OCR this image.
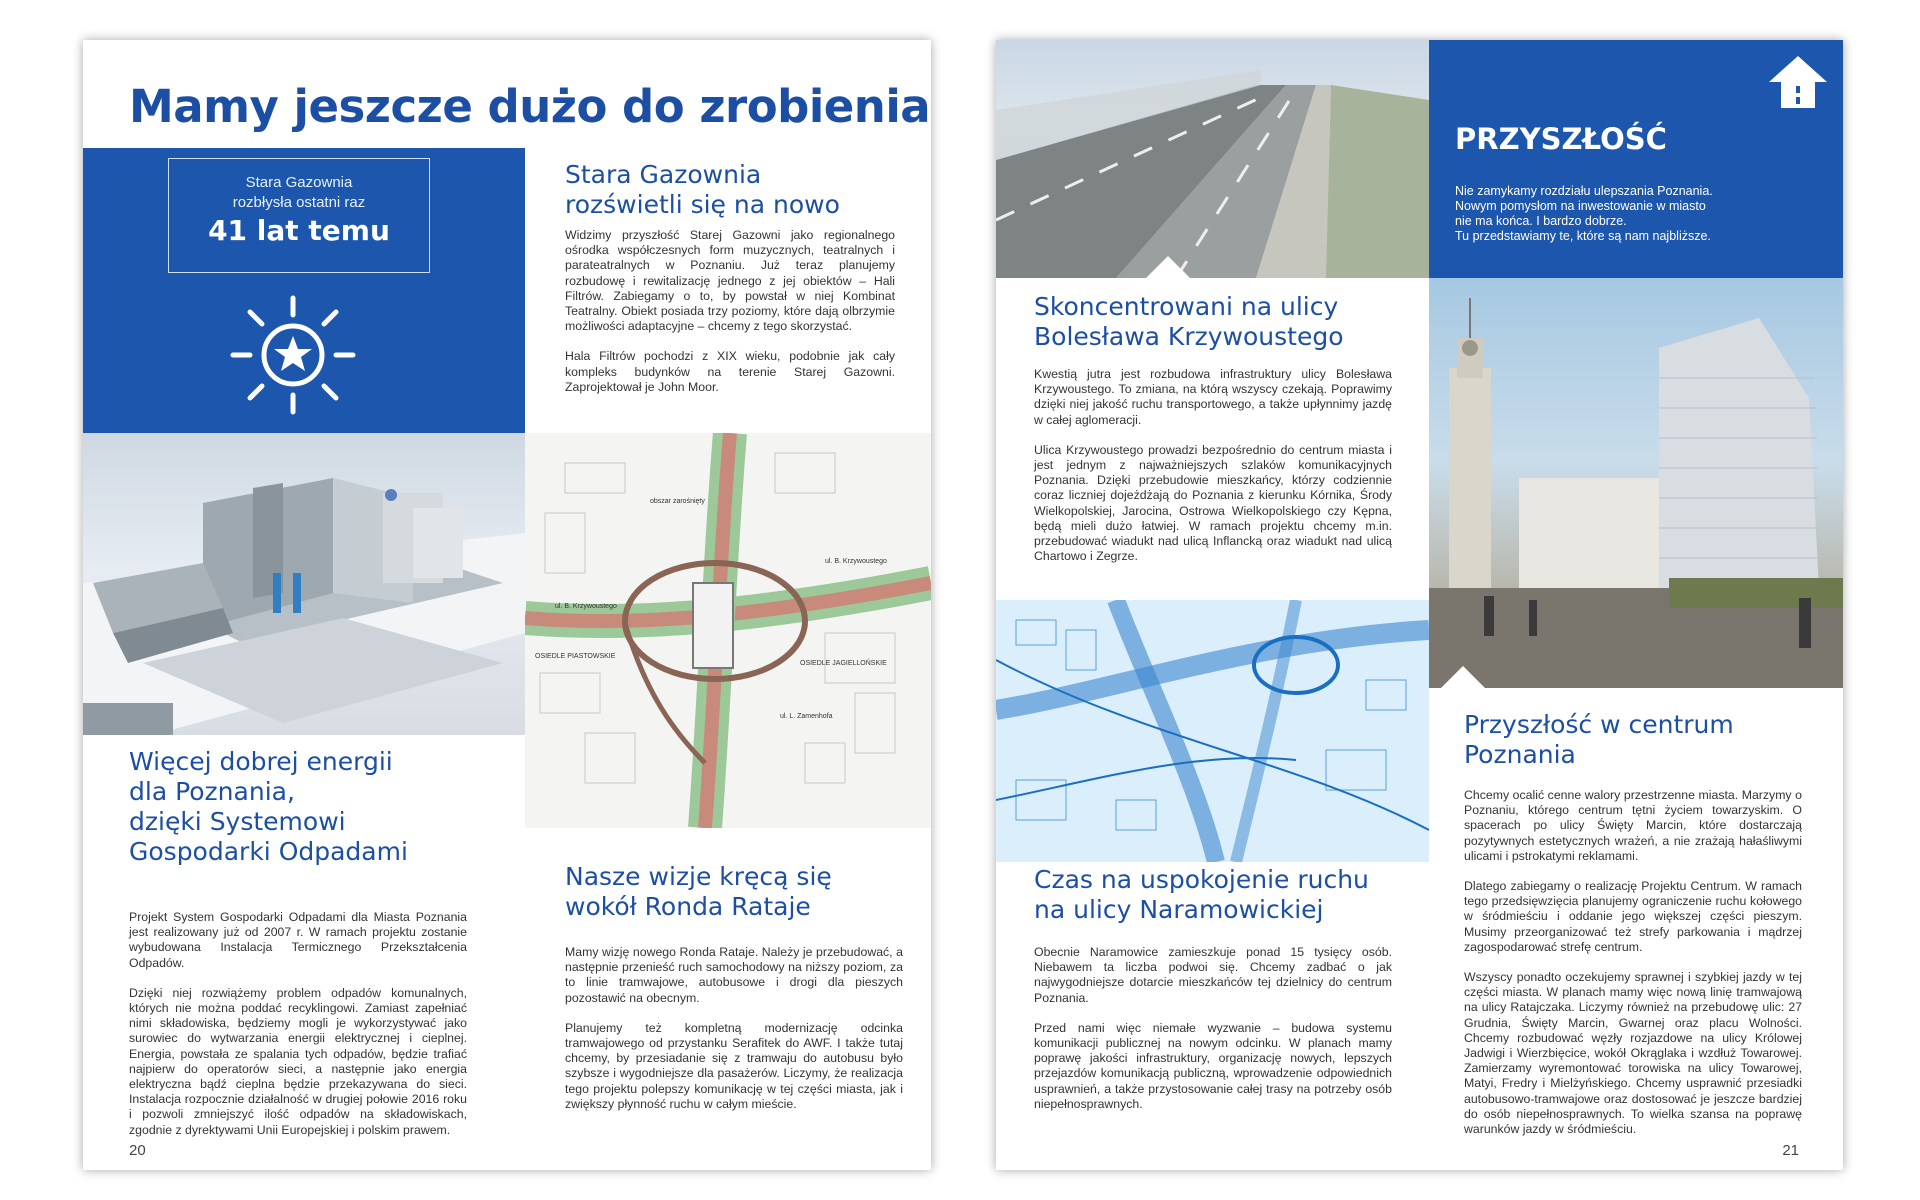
Mamy jeszcze dużo do zrobienia
Stara Gazownia
rozbłysła ostatni raz
41 lat temu
Stara Gazownia
rozświetli się na nowo

Widzimy przyszłość Starej Gazowni jako regionalnego ośrodka współczesnych form muzycznych, teatralnych i parateatralnych w Poznaniu. Już teraz planujemy rozbudowę i rewitalizację jednego z jej obiektów – Hali Filtrów. Zabiegamy o to, by powstał w niej Kombinat Teatralny. Obiekt posiada trzy poziomy, które dają olbrzymie możliwości adaptacyjne – chcemy z tego skorzystać.

Hala Filtrów pochodzi z XIX wieku, podobnie jak cały kompleks budynków na terenie Starej Gazowni. Zaprojektował je John Moor.

obszar zarośnięty
ul. B. Krzywoustego
ul. B. Krzywoustego
OSIEDLE PIASTOWSKIE
OSIEDLE JAGIELLOŃSKIE
ul. L. Zamenhofa
Więcej dobrej energii
dla Poznania,
dzięki Systemowi
Gospodarki Odpadami

Projekt System Gospodarki Odpadami dla Miasta Poznania jest realizowany już od 2007 r. W ramach projektu zostanie wybudowana Instalacja Termicznego Przekształcenia Odpadów.

Dzięki niej rozwiążemy problem odpadów komunalnych, których nie można poddać recyklingowi. Zamiast zapełniać nimi składowiska, będziemy mogli je wykorzystywać jako surowiec do wytwarzania energii elektrycznej i cieplnej. Energia, powstała ze spalania tych odpadów, będzie trafiać najpierw do operatorów sieci, a następnie jako energia elektryczna bądź cieplna będzie przekazywana do sieci. Instalacja rozpocznie działalność w drugiej połowie 2016 roku i pozwoli zmniejszyć ilość odpadów na składowiskach, zgodnie z dyrektywami Unii Europejskiej i polskim prawem.

Nasze wizje kręcą się
wokół Ronda Rataje

Mamy wizję nowego Ronda Rataje. Należy je przebudować, a następnie przenieść ruch samochodowy na niższy poziom, za to linie tramwajowe, autobusowe i drogi dla pieszych pozostawić na obecnym.

Planujemy też kompletną modernizację odcinka tramwajowego od przystanku Serafitek do AWF. I także tutaj chcemy, by przesiadanie się z tramwaju do autobusu było szybsze i wygodniejsze dla pasażerów. Liczymy, że realizacja tego projektu polepszy komunikację w tej części miasta, jak i zwiększy płynność ruchu w całym mieście.

20
PRZYSZŁOŚĆ
Nie zamykamy rozdziału ulepszania Poznania.
Nowym pomysłom na inwestowanie w miasto
nie ma końca. I bardzo dobrze.
Tu przedstawiamy te, które są nam najbliższe.
Skoncentrowani na ulicy
Bolesława Krzywoustego

Kwestią jutra jest rozbudowa infrastruktury ulicy Bolesława Krzywoustego. To zmiana, na którą wszyscy czekają. Poprawimy dzięki niej jakość ruchu transportowego, a także upłynnimy jazdę w całej aglomeracji.

Ulica Krzywoustego prowadzi bezpośrednio do centrum miasta i jest jednym z najważniejszych szlaków komunikacyjnych Poznania. Dzięki przebudowie mieszkańcy, którzy codziennie coraz liczniej dojeżdżają do Poznania z kierunku Kórnika, Środy Wielkopolskiej, Jarocina, Ostrowa Wielkopolskiego czy Kępna, będą mieli dużo łatwiej. W ramach projektu chcemy m.in. przebudować wiadukt nad ulicą Inflancką oraz wiadukt nad ulicą Chartowo i Zegrze.

Czas na uspokojenie ruchu
na ulicy Naramowickiej

Obecnie Naramowice zamieszkuje ponad 15 tysięcy osób. Niebawem ta liczba podwoi się. Chcemy zadbać o jak najwygodniejsze dotarcie mieszkańców tej dzielnicy do centrum Poznania.

Przed nami więc niemałe wyzwanie – budowa systemu komunikacji publicznej na nowym odcinku. W planach mamy poprawę jakości infrastruktury, organizację nowych, lepszych przejazdów komunikacją publiczną, wprowadzenie odpowiednich usprawnień, a także przystosowanie całej trasy na potrzeby osób niepełnosprawnych.

Przyszłość w centrum
Poznania

Chcemy ocalić cenne walory przestrzenne miasta. Marzymy o Poznaniu, którego centrum tętni życiem towarzyskim. O spacerach po ulicy Święty Marcin, które dostarczają pozytywnych estetycznych wrażeń, a nie zrażają hałaśliwymi ulicami i pstrokatymi reklamami.

Dlatego zabiegamy o realizację Projektu Centrum. W ramach tego przedsięwzięcia planujemy ograniczenie ruchu kołowego w śródmieściu i oddanie jego większej części pieszym. Musimy przeorganizować też strefy parkowania i mądrzej zagospodarować strefę centrum.

Wszyscy ponadto oczekujemy sprawnej i szybkiej jazdy w tej części miasta. W planach mamy więc nową linię tramwajową na ulicy Ratajczaka. Liczymy również na przebudowę ulic: 27 Grudnia, Święty Marcin, Gwarnej oraz placu Wolności. Chcemy rozbudować węzły rozjazdowe na ulicy Królowej Jadwigi i Wierzbięcice, wokół Okrąglaka i wzdłuż Towarowej. Zamierzamy wyremontować torowiska na ulicy Towarowej, Matyi, Fredry i Mielżyńskiego. Chcemy usprawnić przesiadki autobusowo-tramwajowe oraz dostosować je jeszcze bardziej do osób niepełnosprawnych. To wielka szansa na poprawę warunków jazdy w śródmieściu.

21
